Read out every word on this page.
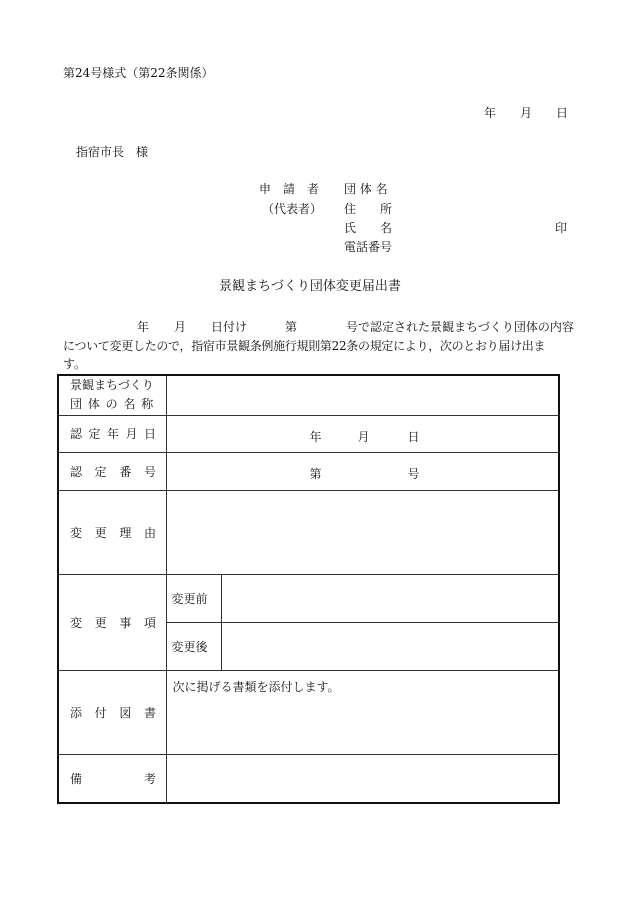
第24号様式（第22条関係）
年 月 日
指宿市長　様
申　請　者
（代表者）
団 体 名
住　　所
氏　　名
電話番号
印
景観まちづくり団体変更届出書
年 月 日付け	第	号で認定された景観まちづくり団体の内容
について変更したので，指宿市景観条例施行規則第22条の規定により，次のとおり届け出ま
す。
景観まちづくり
団 体 の 名 称		

認定年月日	年 月 日	

認定番号	第 号	

変更理由		

変更事項	変更前	
	変更後	

添付図書	次に掲げる書類を添付します。	

備 考		
